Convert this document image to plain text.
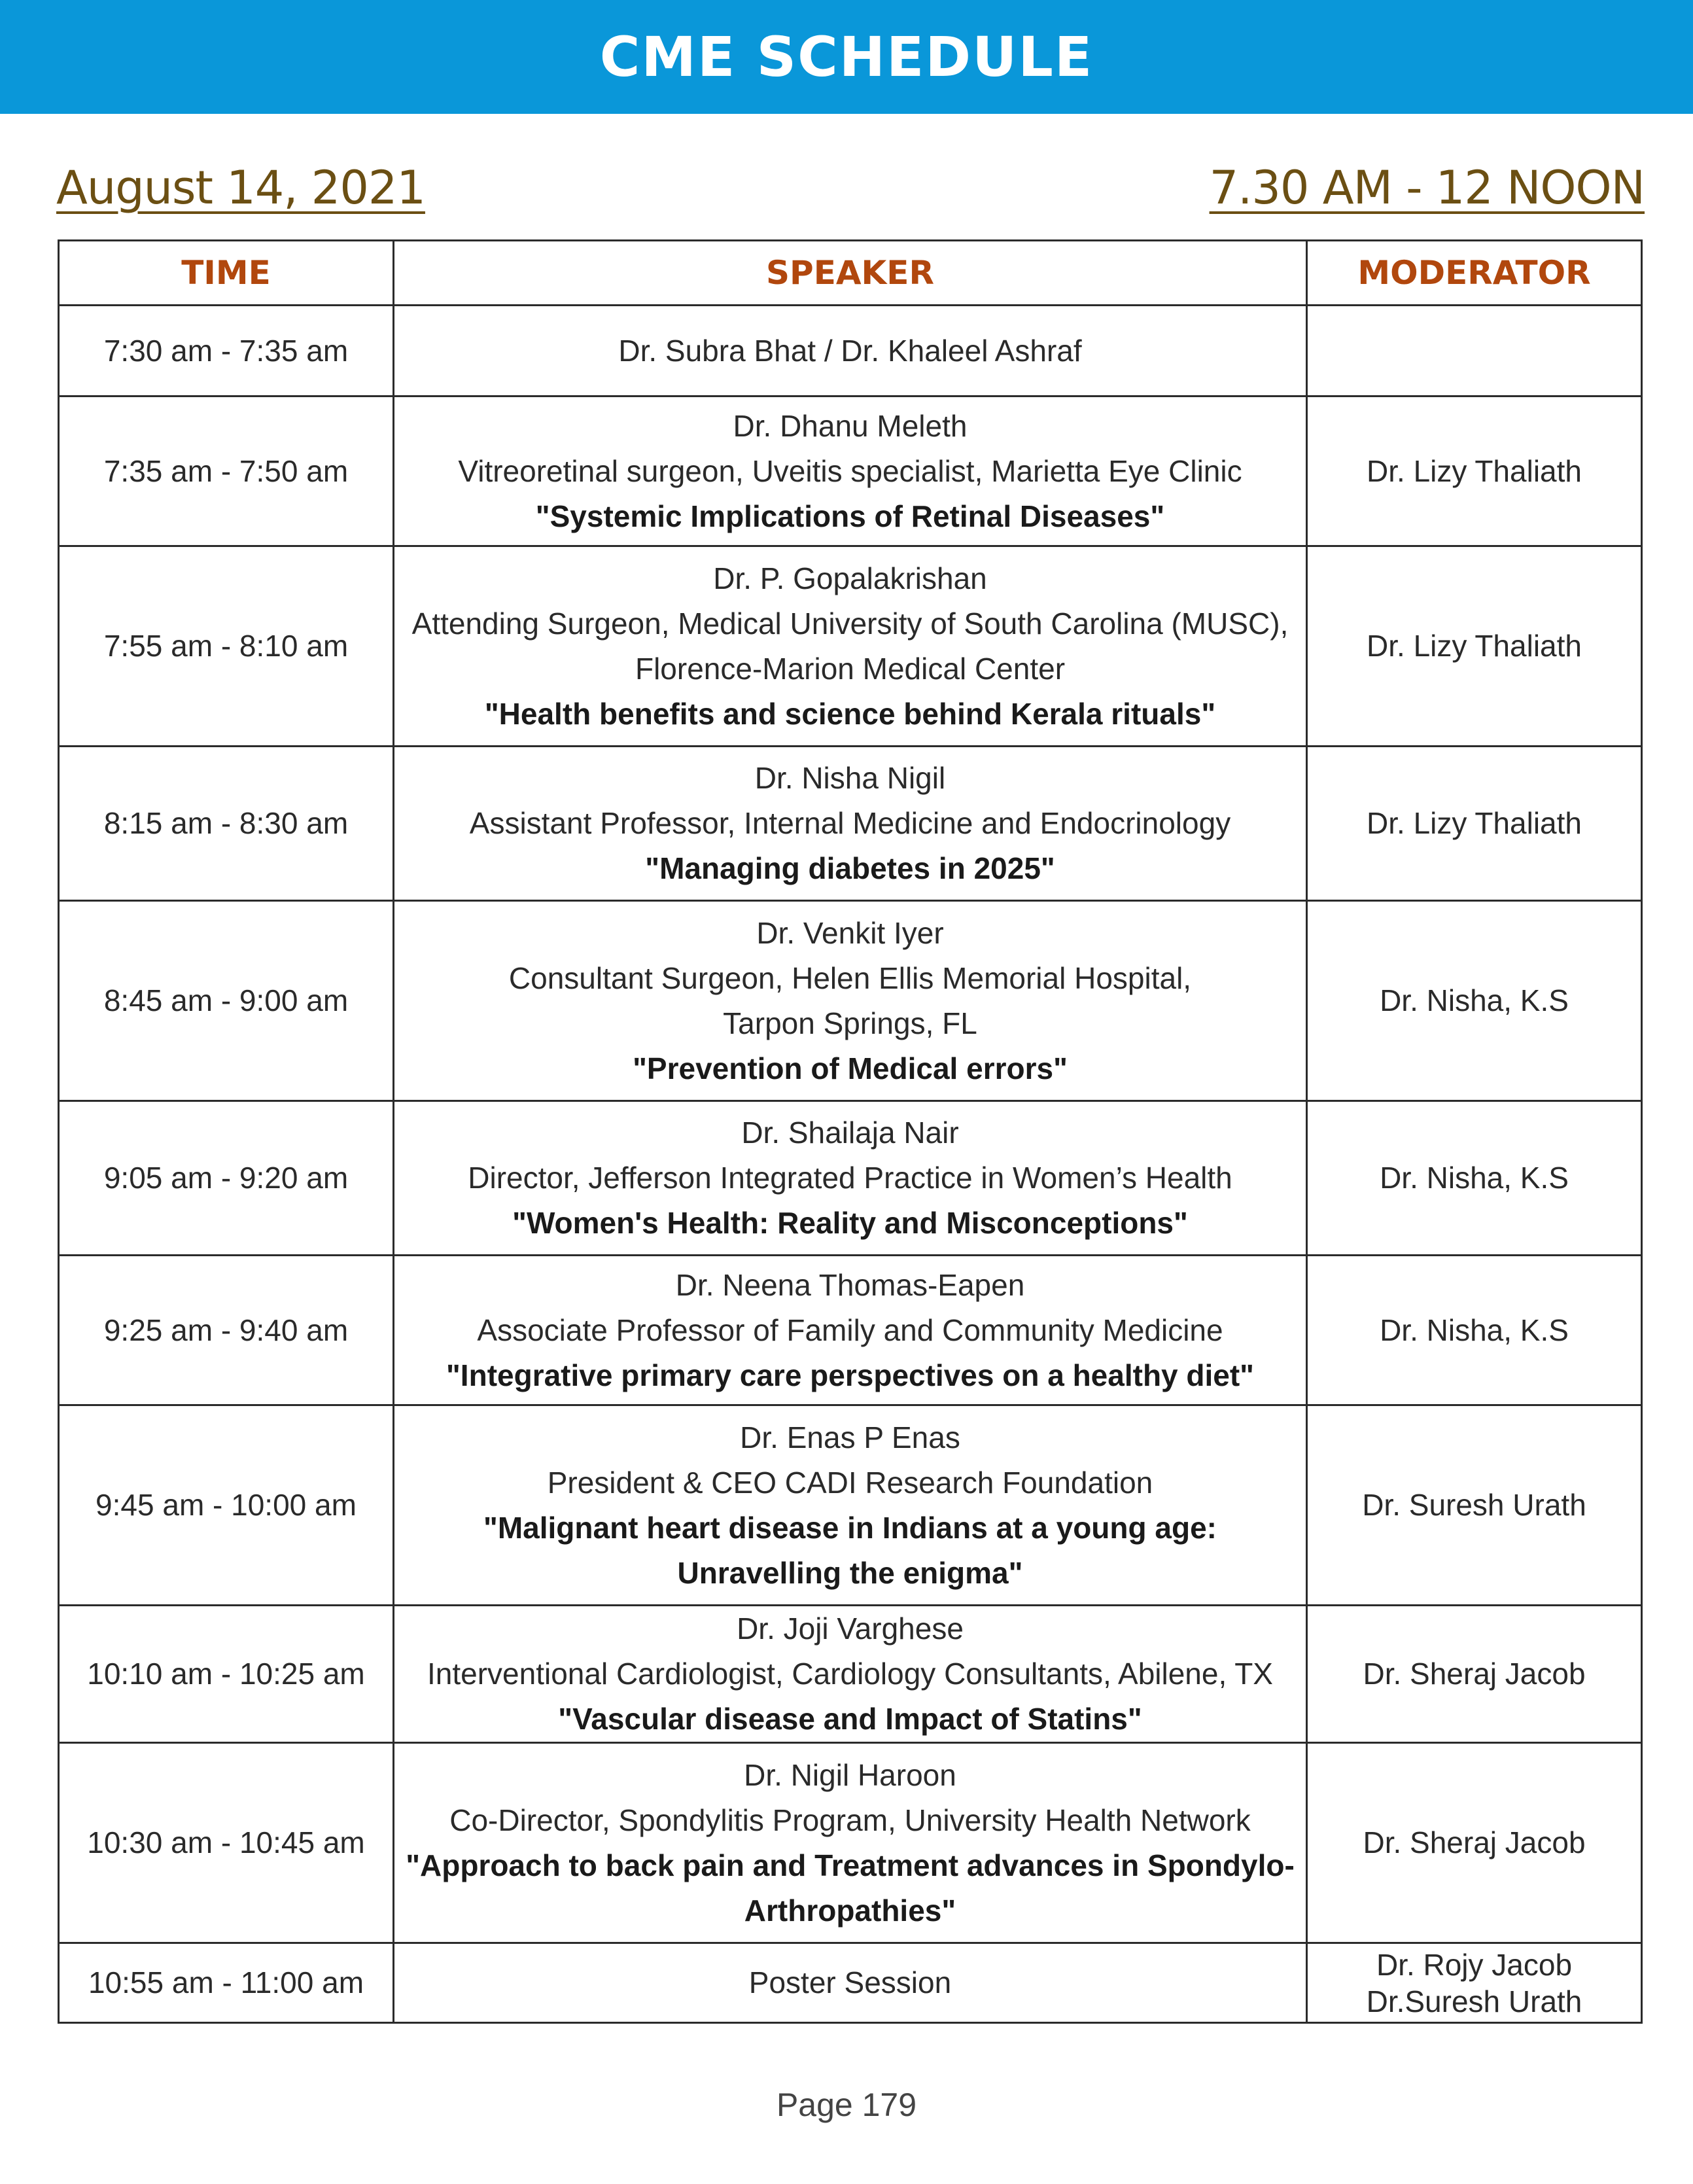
CME SCHEDULE
August 14, 2021	7.30 AM - 12 NOON
TIME	SPEAKER	MODERATOR
7:30 am - 7:35 am	Dr. Subra Bhat / Dr. Khaleel Ashraf	

7:35 am - 7:50 am	Dr. Dhanu Meleth
Vitreoretinal surgeon, Uveitis specialist, Marietta Eye Clinic
"Systemic Implications of Retinal Diseases"	Dr. Lizy Thaliath

7:55 am - 8:10 am	Dr. P. Gopalakrishan
Attending Surgeon, Medical University of South Carolina (MUSC),
Florence-Marion Medical Center
"Health benefits and science behind Kerala rituals"	Dr. Lizy Thaliath

8:15 am - 8:30 am	Dr. Nisha Nigil
Assistant Professor, Internal Medicine and Endocrinology
"Managing diabetes in 2025"	Dr. Lizy Thaliath

8:45 am - 9:00 am	Dr. Venkit Iyer
Consultant Surgeon, Helen Ellis Memorial Hospital,
Tarpon Springs, FL
"Prevention of Medical errors"	Dr. Nisha, K.S

9:05 am - 9:20 am	Dr. Shailaja Nair
Director, Jefferson Integrated Practice in Women’s Health
"Women's Health: Reality and Misconceptions"	Dr. Nisha, K.S

9:25 am - 9:40 am	Dr. Neena Thomas-Eapen
Associate Professor of Family and Community Medicine
"Integrative primary care perspectives on a healthy diet"	Dr. Nisha, K.S

9:45 am - 10:00 am	Dr. Enas P Enas
President & CEO CADI Research Foundation
"Malignant heart disease in Indians at a young age: Unravelling the enigma"	Dr. Suresh Urath

10:10 am - 10:25 am	Dr. Joji Varghese
Interventional Cardiologist, Cardiology Consultants, Abilene, TX
"Vascular disease and Impact of Statins"	Dr. Sheraj Jacob

10:30 am - 10:45 am	Dr. Nigil Haroon
Co-Director, Spondylitis Program, University Health Network
"Approach to back pain and Treatment advances in Spondylo-Arthropathies"	Dr. Sheraj Jacob

10:55 am - 11:00 am	Poster Session	Dr. Rojy Jacob
Dr.Suresh Urath
Page 179
